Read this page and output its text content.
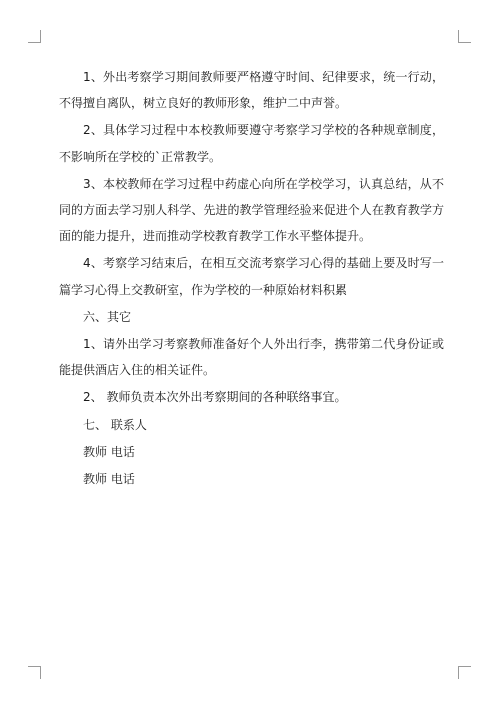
1、外出考察学习期间教师要严格遵守时间、纪律要求，统一行动，不得擅自离队，树立良好的教师形象，维护二中声誉。

2、具体学习过程中本校教师要遵守考察学习学校的各种规章制度，不影响所在学校的`正常教学。

3、本校教师在学习过程中药虚心向所在学校学习，认真总结，从不同的方面去学习别人科学、先进的教学管理经验来促进个人在教育教学方面的能力提升，进而推动学校教育教学工作水平整体提升。

4、考察学习结束后，在相互交流考察学习心得的基础上要及时写一篇学习心得上交教研室，作为学校的一种原始材料积累

六、其它

1、请外出学习考察教师准备好个人外出行李，携带第二代身份证或能提供酒店入住的相关证件。

2、 教师负责本次外出考察期间的各种联络事宜。

七、 联系人

教师 电话

教师 电话
